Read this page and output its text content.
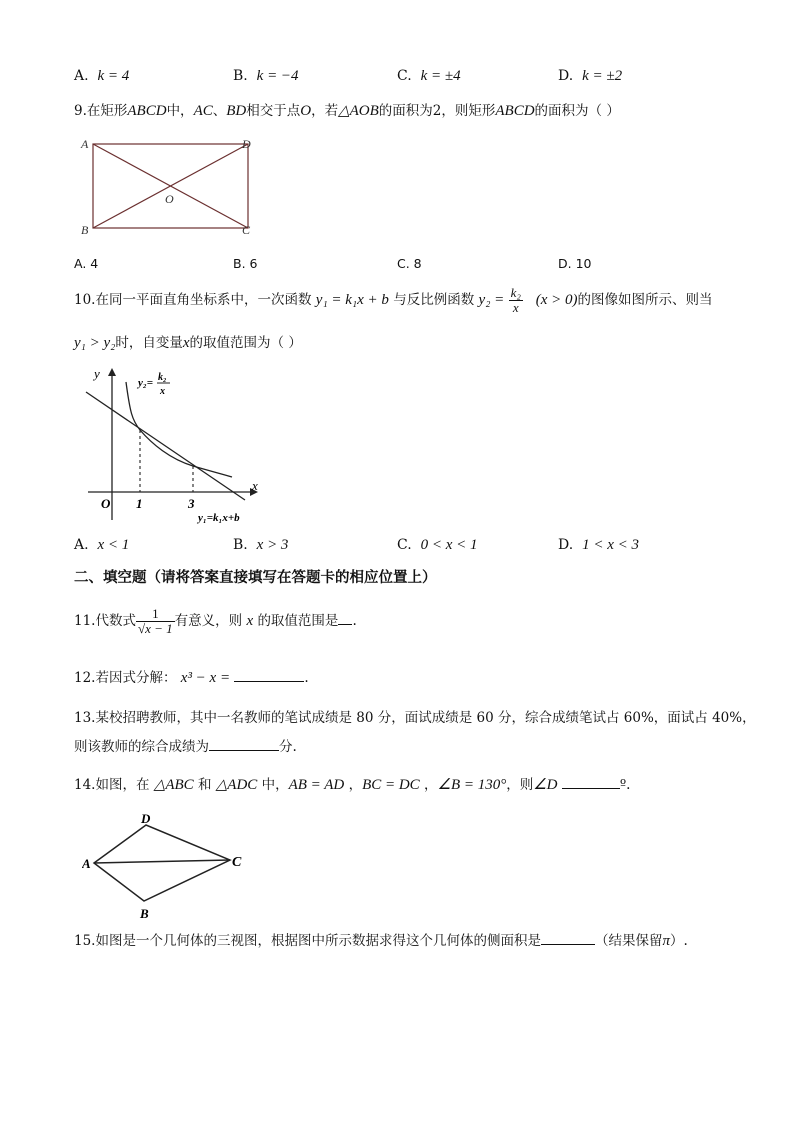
A. k = 4	B. k = −4	C. k = ±4	D. k = ±2
9.在矩形ABCD中，AC、BD相交于点O，若△AOB的面积为2，则矩形ABCD的面积为（ ）
A	D
B	C
O
A. 4	B. 6	C. 8	D. 10
10.在同一平面直角坐标系中，一次函数 y₁ = k₁x + b 与反比例函数 $y_2 = \frac{\text{k₂}}{x} (x > 0)$的图像如图所示、则当
y₁ > y₂时，自变量x的取值范围为（ ）
y
x
O 1	3
y₂= k₂
x
y₁=k₁x+b
A. x < 1	B. x > 3	C. 0 < x < 1	D. 1 < x < 3
二、填空题（请将答案直接填写在答题卡的相应位置上）
11.代数式 $\frac{1}{√x - 1}$ 有意义，则 x 的取值范围是 .
12.若因式分解： x³ − x =	.
13.某校招聘教师，其中一名教师的笔试成绩是 80 分，面试成绩是 60 分，综合成绩笔试占 60%，面试占 40%，
则该教师的综合成绩为	分.
14.如图，在 △ABC 和 △ADC 中，AB = AD ，BC = DC ，∠B = 130°，则∠D	º.
A
D
C
B
15.如图是一个几何体的三视图，根据图中所示数据求得这个几何体的侧面积是	（结果保留π）.
